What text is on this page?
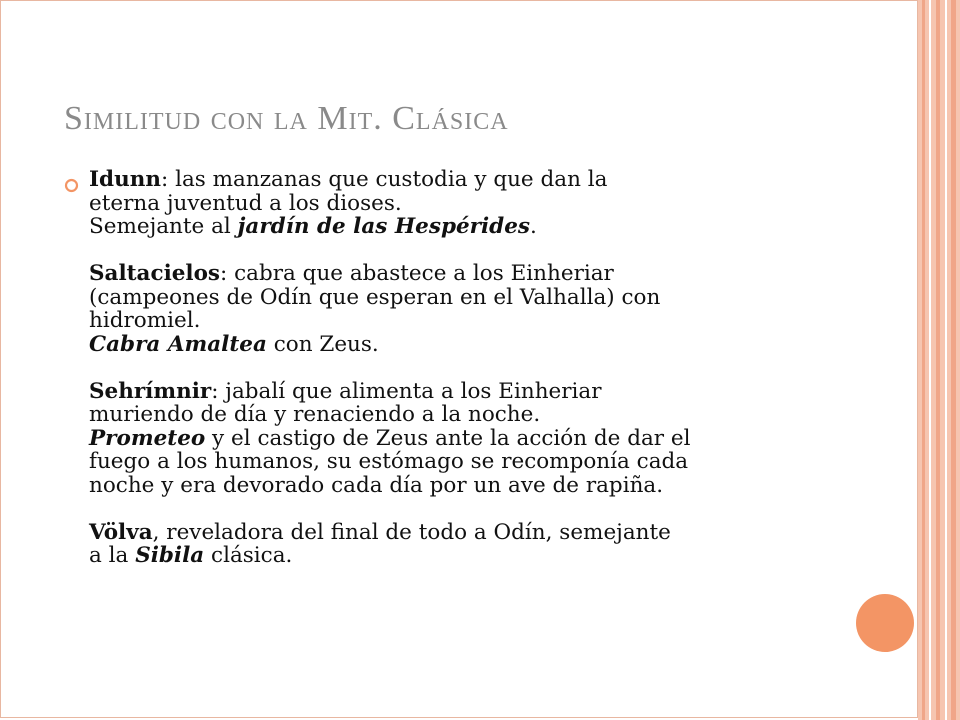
Similitud con la Mit. Clásica
Idunn: las manzanas que custodia y que dan la
eterna juventud a los dioses.
Semejante al jardín de las Hespérides.
Saltacielos: cabra que abastece a los Einheriar
(campeones de Odín que esperan en el Valhalla) con
hidromiel.
Cabra Amaltea con Zeus.
Sehrímnir: jabalí que alimenta a los Einheriar
muriendo de día y renaciendo a la noche.
Prometeo y el castigo de Zeus ante la acción de dar el
fuego a los humanos, su estómago se recomponía cada
noche y era devorado cada día por un ave de rapiña.
Völva, reveladora del final de todo a Odín, semejante
a la Sibila clásica.
